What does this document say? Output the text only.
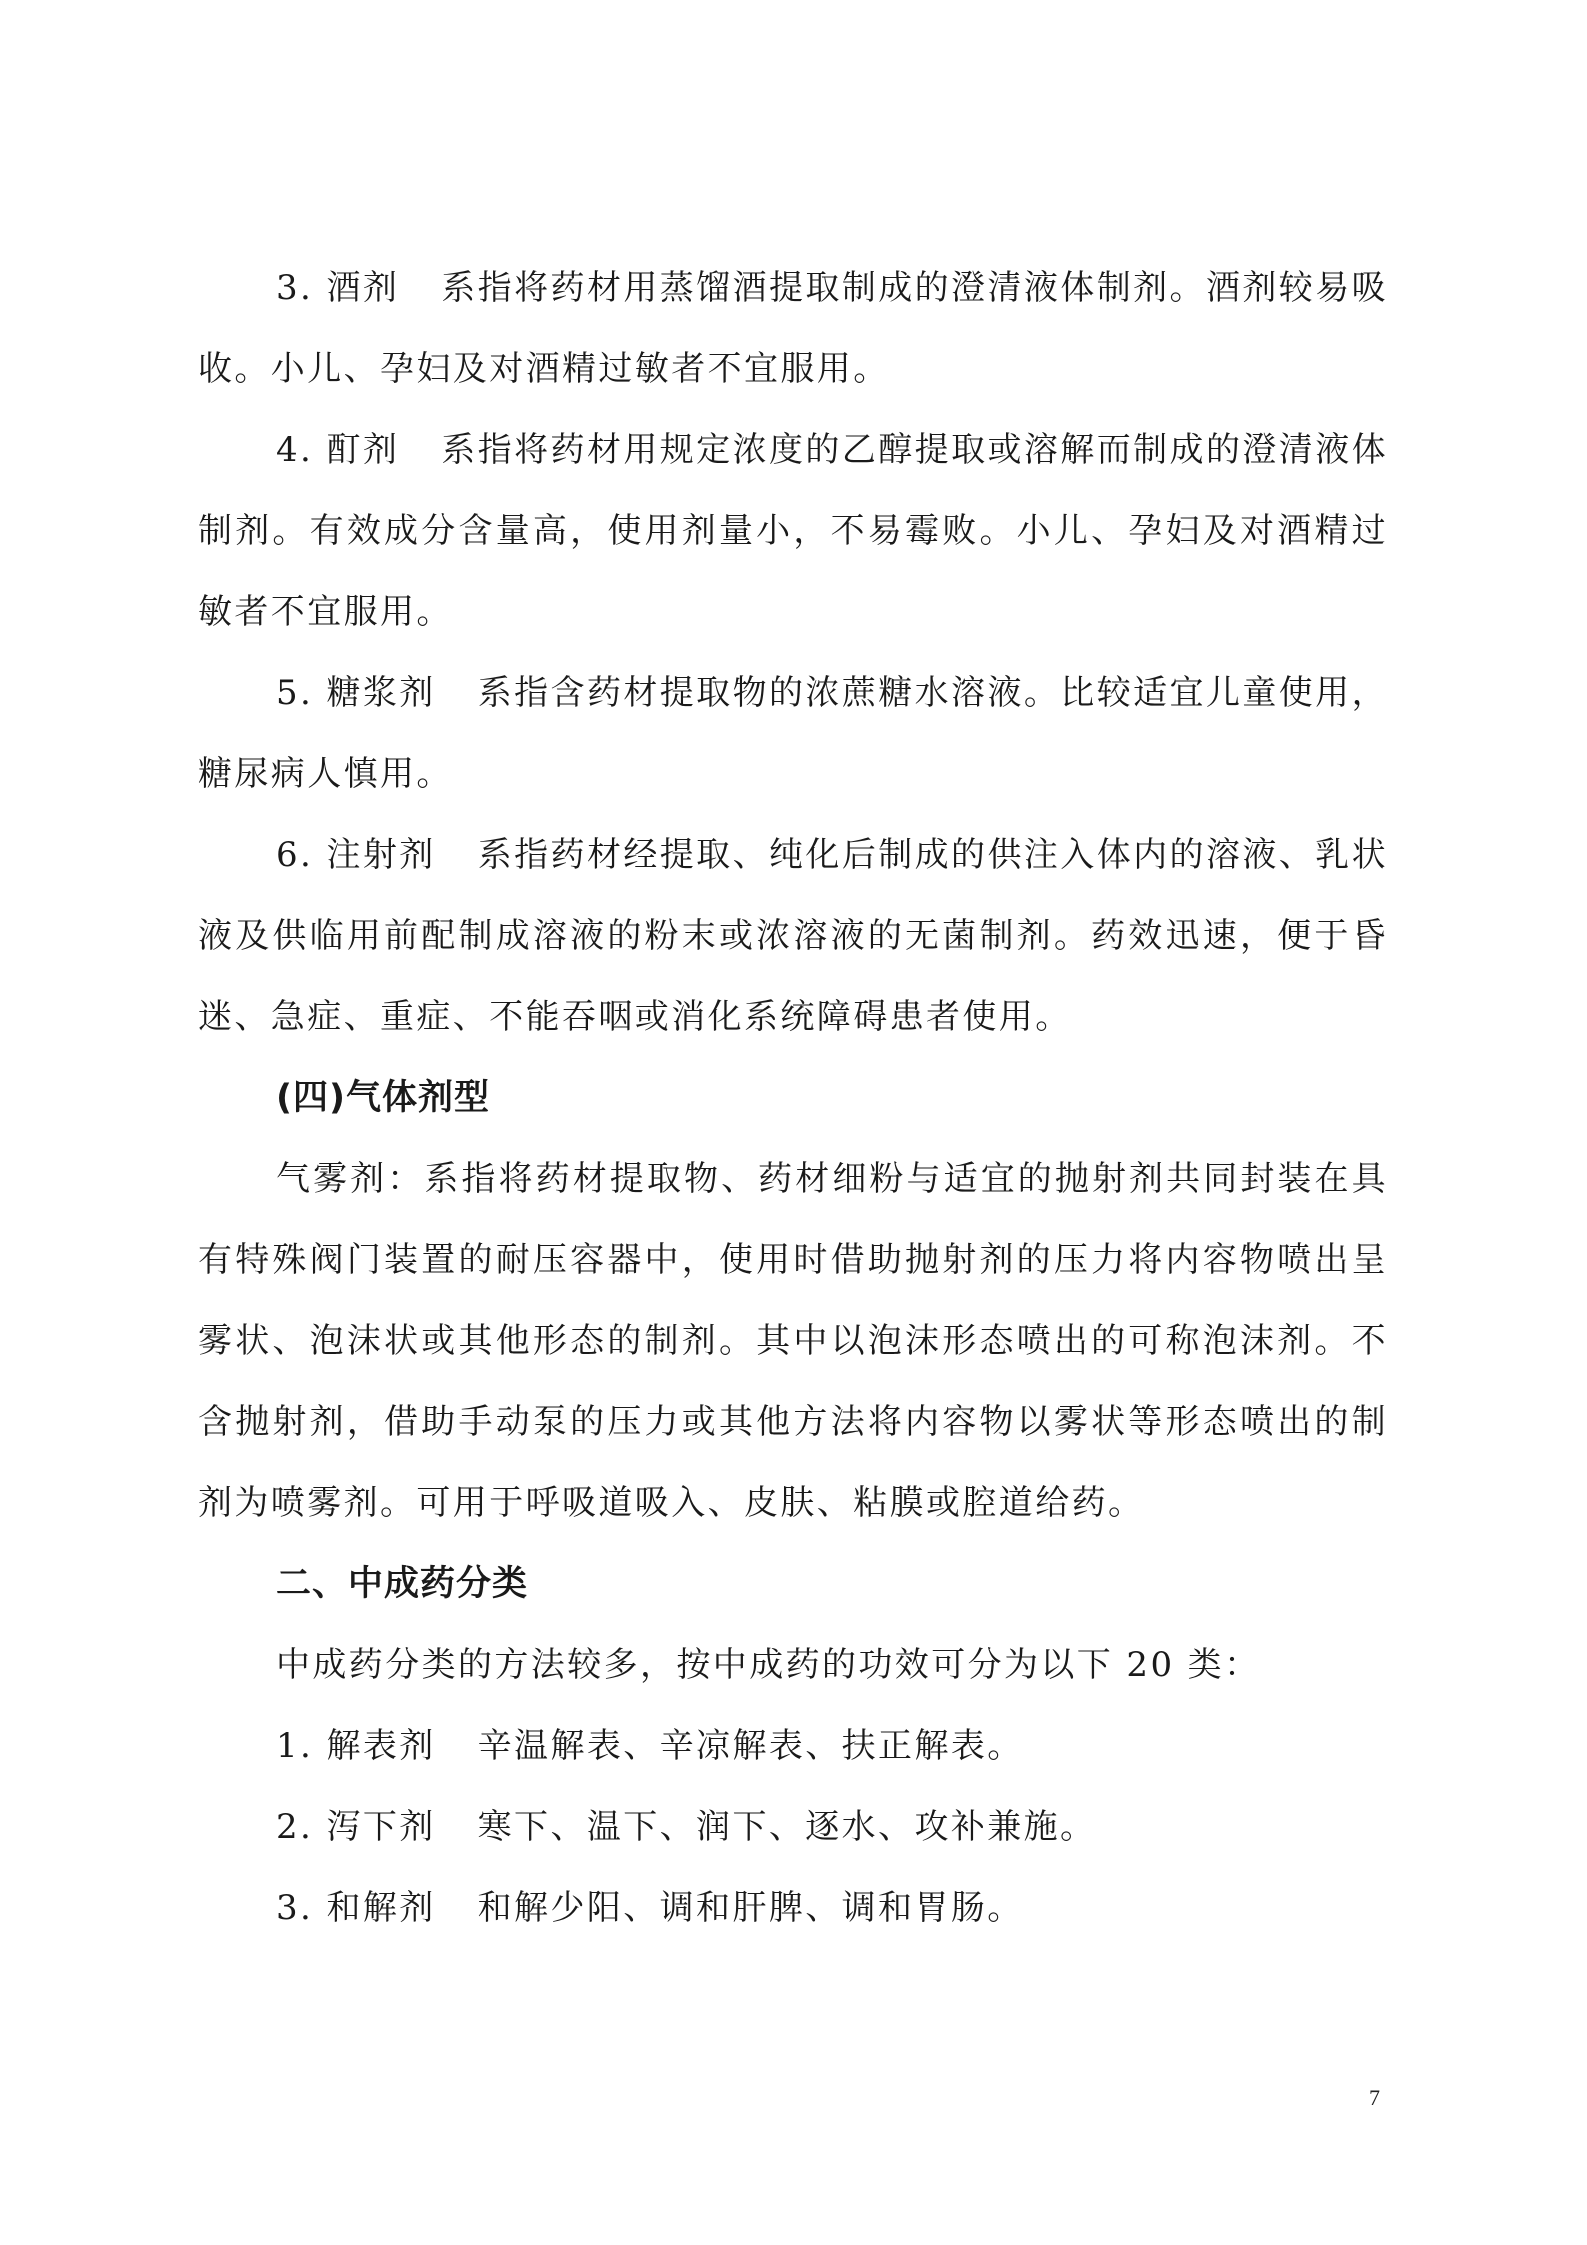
3. 酒剂 系指将药材用蒸馏酒提取制成的澄清液体制剂。酒剂较易吸收。小儿、孕妇及对酒精过敏者不宜服用。

4. 酊剂 系指将药材用规定浓度的乙醇提取或溶解而制成的澄清液体制剂。有效成分含量高，使用剂量小，不易霉败。小儿、孕妇及对酒精过敏者不宜服用。

5. 糖浆剂 系指含药材提取物的浓蔗糖水溶液。比较适宜儿童使用，糖尿病人慎用。

6. 注射剂 系指药材经提取、纯化后制成的供注入体内的溶液、乳状液及供临用前配制成溶液的粉末或浓溶液的无菌制剂。药效迅速，便于昏迷、急症、重症、不能吞咽或消化系统障碍患者使用。

(四)气体剂型

气雾剂：系指将药材提取物、药材细粉与适宜的抛射剂共同封装在具有特殊阀门装置的耐压容器中，使用时借助抛射剂的压力将内容物喷出呈雾状、泡沫状或其他形态的制剂。其中以泡沫形态喷出的可称泡沫剂。不含抛射剂，借助手动泵的压力或其他方法将内容物以雾状等形态喷出的制剂为喷雾剂。可用于呼吸道吸入、皮肤、粘膜或腔道给药。

二、中成药分类

中成药分类的方法较多，按中成药的功效可分为以下 20 类：

1. 解表剂 辛温解表、辛凉解表、扶正解表。

2. 泻下剂 寒下、温下、润下、逐水、攻补兼施。

3. 和解剂 和解少阳、调和肝脾、调和胃肠。

7
